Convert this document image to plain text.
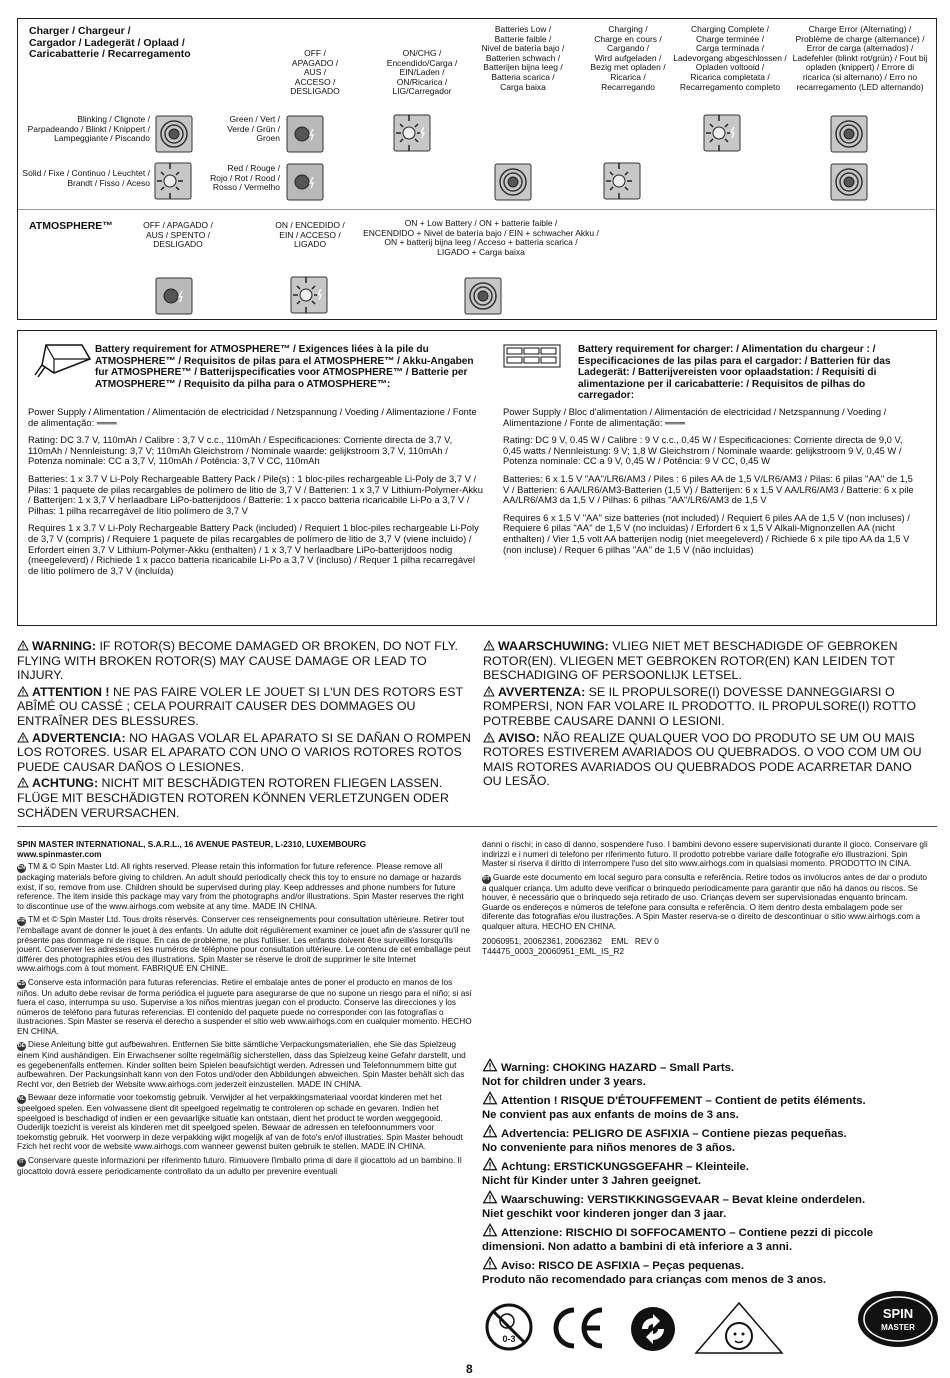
Charger / Chargeur /
Cargador / Ladegerät / Oplaad /
Caricabatterie / Recarregamento	OFF /
APAGADO /
AUS /
ACCESO /
DESLIGADO
ON/CHG /
Encendido/Carga /
EIN/Laden /
ON/Ricarica /
LIG/Carregador
Batteries Low /
Batterie faible /
Nivel de batería bajo /
Batterien schwach /
Batterijen bijna leeg /
Batteria scarica /
Carga baixa
Charging /
Charge en cours /
Cargando /
Wird aufgeladen /
Bezig met opladen /
Ricarica /
Recarregando
Charging Complete /
Charge terminée /
Carga terminada /
Ladevorgang abgeschlossen /
Opladen voltooid /
Ricarica completata /
Recarregamento completo
Charge Error (Alternating) /
Problème de charge (alternance) /
Error de carga (alternados) /
Ladefehler (blinkt rot/grün) / Fout bij
opladen (knippert) / Errore di
ricarica (si alternano) / Erro no
recarregamento (LED alternando)
Blinking / Clignote /
Parpadeando / Blinkt / Knippert /
Lampeggiante / Piscando
Solid / Fixe / Continuo / Leuchtet /
Brandt / Fisso / Aceso
Green / Vert /
Verde / Grün /
Groen
Red / Rouge /
Rojo / Rot / Rood /
Rosso / Vermelho
ATMOSPHERE™	OFF / APAGADO /
AUS / SPENTO /
DESLIGADO
ON / ENCEDIDO /
EIN / ACCESO /
LIGADO
ON + Low Battery / ON + batterie faible /
ENCENDIDO + Nivel de batería bajo / EIN + schwacher Akku /
ON + batterij bijna leeg / Acceso + batteria scarica /
LIGADO + Carga baixa
Battery requirement for ATMOSPHERE™ / Exigences liées à la pile du
ATMOSPHERE™ / Requisitos de pilas para el ATMOSPHERE™ / Akku-Angaben
fur ATMOSPHERE™ / Batterijspecificaties voor ATMOSPHERE™ / Batterie per
ATMOSPHERE™ / Requisito da pilha para o ATMOSPHERE™:

Power Supply / Alimentation / Alimentación de electricidad / Netzspannung / Voeding / Alimentazione / Fonte de alimentação: ═══

Rating: DC 3.7 V, 110mAh / Calibre : 3,7 V c.c., 110mAh / Especificaciones: Corriente directa de 3,7 V, 110mAh / Nennleistung: 3,7 V; 110mAh Gleichstrom / Nominale waarde: gelijkstroom 3,7 V, 110mAh / Potenza nominale: CC a 3,7 V, 110mAh / Potência: 3,7 V CC, 110mAh

Batteries: 1 x 3.7 V Li-Poly Rechargeable Battery Pack / Pile(s) : 1 bloc-piles rechargeable Li-Poly de 3,7 V / Pilas: 1 paquete de pilas recargables de polímero de litio de 3,7 V / Batterien: 1 x 3,7 V Lithium-Polymer-Akku / Batterijen: 1 x 3,7 V herlaadbare LiPo-batterijdoos / Batterie: 1 x pacco batteria ricaricabile Li-Po a 3,7 V / Pilhas: 1 pilha recarregável de lítio polímero de 3,7 V

Requires 1 x 3.7 V Li-Poly Rechargeable Battery Pack (included) / Requiert 1 bloc-piles rechargeable Li-Poly de 3,7 V (compris) / Requiere 1 paquete de pilas recargables de polímero de litio de 3,7 V (viene incluido) / Erfordert einen 3,7 V Lithium-Polymer-Akku (enthalten) / 1 x 3,7 V herlaadbare LiPo-batterijdoos nodig (meegeleverd) / Richiede 1 x pacco batteria ricaricabile Li-Po a 3,7 V (incluso) / Requer 1 pilha recarregável de lítio polímero de 3,7 V (incluída)

Battery requirement for charger: / Alimentation du chargeur : /
Especificaciones de las pilas para el cargador: / Batterien für das
Ladegerät: / Batterijvereisten voor oplaadstation: / Requisiti di
alimentazione per il caricabatterie: / Requisitos de pilhas do carregador:

Power Supply / Bloc d'alimentation / Alimentación de electricidad / Netzspannung / Voeding / Alimentazione / Fonte de alimentação: ═══

Rating: DC 9 V, 0.45 W / Calibre : 9 V c.c., 0,45 W / Especificaciones: Corriente directa de 9,0 V, 0,45 watts / Nennleistung: 9 V; 1,8 W Gleichstrom / Nominale waarde: gelijkstroom 9 V, 0,45 W / Potenza nominale: CC a 9 V, 0,45 W / Potência: 9 V CC, 0,45 W

Batteries: 6 x 1.5 V "AA"/LR6/AM3 / Piles : 6 piles AA de 1,5 V/LR6/AM3 / Pilas: 6 pilas "AA" de 1,5 V / Batterien: 6 AA/LR6/AM3-Batterien (1,5 V) / Batterijen: 6 x 1,5 V AA/LR6/AM3 / Batterie: 6 x pile AA/LR6/AM3 da 1,5 V / Pilhas: 6 pilhas "AA"/LR6/AM3 de 1,5 V

Requires 6 x 1.5 V "AA" size batteries (not included) / Requiert 6 piles AA de 1,5 V (non incluses) / Requiere 6 pilas "AA" de 1,5 V (no incluidas) / Erfordert 6 x 1,5 V Alkali-Mignonzellen AA (nicht enthalten) / Vier 1,5 volt AA batterijen nodig (niet meegeleverd) / Richiede 6 x pile tipo AA da 1,5 V (non incluse) / Requer 6 pilhas "AA" de 1,5 V (não incluídas)

WARNING: IF ROTOR(S) BECOME DAMAGED OR BROKEN, DO NOT FLY. FLYING WITH BROKEN ROTOR(S) MAY CAUSE DAMAGE OR LEAD TO INJURY.
ATTENTION ! NE PAS FAIRE VOLER LE JOUET SI L'UN DES ROTORS EST ABÎMÉ OU CASSÉ ; CELA POURRAIT CAUSER DES DOMMAGES OU ENTRAÎNER DES BLESSURES.
ADVERTENCIA: NO HAGAS VOLAR EL APARATO SI SE DAÑAN O ROMPEN LOS ROTORES. USAR EL APARATO CON UNO O VARIOS ROTORES ROTOS PUEDE CAUSAR DAÑOS O LESIONES.
ACHTUNG: NICHT MIT BESCHÄDIGTEN ROTOREN FLIEGEN LASSEN. FLÜGE MIT BESCHÄDIGTEN ROTOREN KÖNNEN VERLETZUNGEN ODER SCHÄDEN VERURSACHEN.
WAARSCHUWING: VLIEG NIET MET BESCHADIGDE OF GEBROKEN ROTOR(EN). VLIEGEN MET GEBROKEN ROTOR(EN) KAN LEIDEN TOT BESCHADIGING OF PERSOONLIJK LETSEL.
AVVERTENZA: SE IL PROPULSORE(I) DOVESSE DANNEGGIARSI O ROMPERSI, NON FAR VOLARE IL PRODOTTO. IL PROPULSORE(I) ROTTO POTREBBE CAUSARE DANNI O LESIONI.
AVISO: NÃO REALIZE QUALQUER VOO DO PRODUTO SE UM OU MAIS ROTORES ESTIVEREM AVARIADOS OU QUEBRADOS. O VOO COM UM OU MAIS ROTORES AVARIADOS OU QUEBRADOS PODE ACARRETAR DANO OU LESÃO.
SPIN MASTER INTERNATIONAL, S.A.R.L., 16 AVENUE PASTEUR, L-2310, LUXEMBOURG
www.spinmaster.com

EN TM & © Spin Master Ltd. All rights reserved. Please retain this information for future reference. Please remove all packaging materials before giving to children. An adult should periodically check this toy to ensure no damage or hazards exist, if so, remove from use. Children should be supervised during play. Keep addresses and phone numbers for future reference. The item inside this package may vary from the photographs and/or illustrations. Spin Master reserves the right to discontinue use of the www.airhogs.com website at any time. MADE IN CHINA.

FR TM et © Spin Master Ltd. Tous droits réservés. Conserver ces renseignements pour consultation ultérieure. Retirer tout l'emballage avant de donner le jouet à des enfants. Un adulte doit régulièrement examiner ce jouet afin de s'assurer qu'il ne présente pas dommage ni de risque. En cas de problème, ne plus l'utiliser. Les enfants doivent être surveillés lorsqu'ils jouent. Conserver les adresses et les numéros de téléphone pour consultation ultérieure. Le contenu de cet emballage peut différer des photographies et/ou des illustrations. Spin Master se réserve le droit de supprimer le site Internet www.airhogs.com à tout moment. FABRIQUÉ EN CHINE.

ES Conserve esta información para futuras referencias. Retire el embalaje antes de poner el producto en manos de los niños. Un adulto debe revisar de forma periódica el juguete para asegurarse de que no supone un riesgo para el niño; si así fuera el caso, interrumpa su uso. Supervise a los niños mientras juegan con el producto. Conserve las direcciones y los números de teléfono para futuras referencias. El contenido del paquete puede no corresponder con las fotografías o ilustraciones. Spin Master se reserva el derecho a suspender el sitio web www.airhogs.com en cualquier momento. HECHO EN CHINA.

DE Diese Anleitung bitte gut aufbewahren. Entfernen Sie bitte sämtliche Verpackungsmaterialien, ehe Sie das Spielzeug einem Kind aushändigen. Ein Erwachsener sollte regelmäßig sicherstellen, dass das Spielzeug keine Gefahr darstellt, und es gegebenenfalls entfernen. Kinder sollten beim Spielen beaufsichtigt werden. Adressen und Telefonnummern bitte gut aufbewahren. Der Packungsinhalt kann von den Fotos und/oder den Abbildungen abweichen. Spin Master behält sich das Recht vor, den Betrieb der Website www.airhogs.com jederzeit einzustellen. MADE IN CHINA.

NL Bewaar deze informatie voor toekomstig gebruik. Verwijder al het verpakkingsmateriaal voordat kinderen met het speelgoed spelen. Een volwassene dient dit speelgoed regelmatig te controleren op schade en gevaren. Indien het speelgoed is beschadigd of indien er een gevaarlijke situatie kan ontstaan, dient het product te worden weggegooid. Ouderlijk toezicht is vereist als kinderen met dit speelgoed spelen. Bewaar de adressen en telefoonnummers voor toekomstig gebruik. Het voorwerp in deze verpakking wijkt mogelijk af van de foto's en/of illustraties. Spin Master behoudt Fzich het recht voor de website www.airhogs.com wanneer gewenst buiten gebruik te stellen. MADE IN CHINA.

IT Conservare queste informazioni per riferimento futuro. Rimuovere l'imballo prima di dare il giocattolo ad un bambino. Il giocattolo dovrà essere periodicamente controllato da un adulto per prevenire eventuali

danni o rischi; in caso di danno, sospendere l'uso. I bambini devono essere supervisionati durante il gioco. Conservare gli indirizzi e i numeri di telefono per riferimento futuro. Il prodotto potrebbe variare dalle fotografie e/o illustrazioni. Spin Master si riserva il diritto di interrompere l'uso del sito www.airhogs.com in qualsiasi momento. PRODOTTO IN CINA.

PT Guarde este documento em local seguro para consulta e referência. Retire todos os invólucros antes de dar o produto a qualquer criança. Um adulto deve verificar o brinquedo periodicamente para garantir que não há danos ou riscos. Se houver, é necessário que o brinquedo seja retirado de uso. Crianças devem ser supervisionadas enquanto brincam. Guarde os endereços e números de telefone para consulta e referência. O item dentro desta embalagem pode ser diferente das fotografias e/ou ilustrações. A Spin Master reserva-se o direito de descontinuar o sitio www.airhogs.com a qualquer altura. HECHO EN CHINA.

20060951, 20062361, 20062362    EML   REV 0
T44475_0003_20060951_EML_IS_R2
Warning: CHOKING HAZARD – Small Parts.
Not for children under 3 years.
Attention ! RISQUE D'ÉTOUFFEMENT – Contient de petits éléments.
Ne convient pas aux enfants de moins de 3 ans.
Advertencia: PELIGRO DE ASFIXIA – Contiene piezas pequeñas.
No conveniente para niños menores de 3 años.
Achtung: ERSTICKUNGSGEFAHR – Kleinteile.
Nicht für Kinder unter 3 Jahren geeignet.
Waarschuwing: VERSTIKKINGSGEVAAR – Bevat kleine onderdelen.
Niet geschikt voor kinderen jonger dan 3 jaar.
Attenzione: RISCHIO DI SOFFOCAMENTO – Contiene pezzi di piccole
dimensioni. Non adatto a bambini di età inferiore a 3 anni.
Aviso: RISCO DE ASFIXIA – Peças pequenas.
Produto não recomendado para crianças com menos de 3 anos.
0-3
SPIN
MASTER
8
